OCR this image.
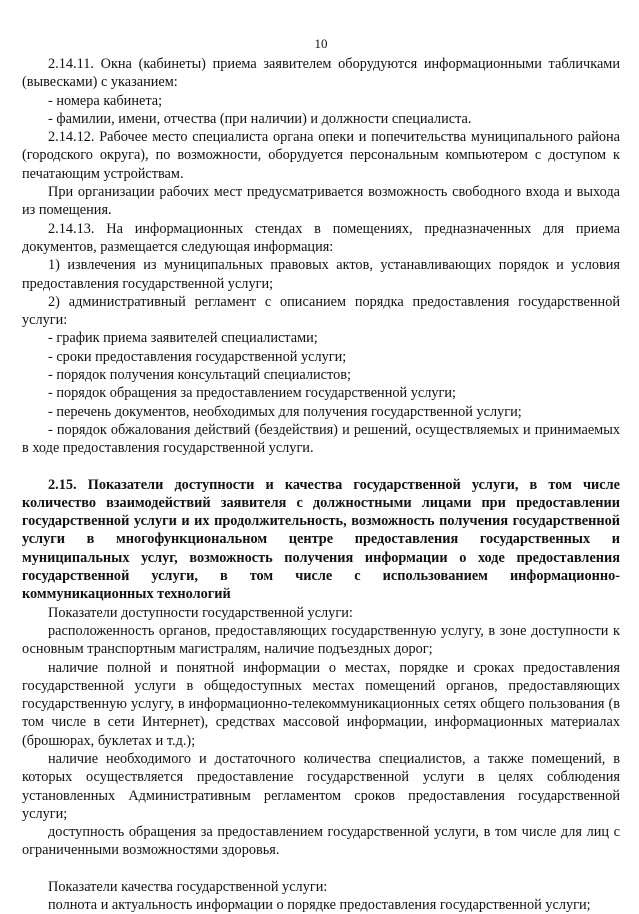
10

2.14.11. Окна (кабинеты) приема заявителем оборудуются информационными табличками (вывесками) с указанием:

- номера кабинета;

- фамилии, имени, отчества (при наличии) и должности специалиста.

2.14.12. Рабочее место специалиста органа опеки и попечительства муниципального района (городского округа), по возможности, оборудуется персональным компьютером с доступом к печатающим устройствам.

При организации рабочих мест предусматривается возможность свободного входа и выхода из помещения.

2.14.13. На информационных стендах в помещениях, предназначенных для приема документов, размещается следующая информация:

1) извлечения из муниципальных правовых актов, устанавливающих порядок и условия предоставления государственной услуги;

2) административный регламент с описанием порядка предоставления государственной услуги:

- график приема заявителей специалистами;

- сроки предоставления государственной услуги;

- порядок получения консультаций специалистов;

- порядок обращения за предоставлением государственной услуги;

- перечень документов, необходимых для получения государственной услуги;

- порядок обжалования действий (бездействия) и решений, осуществляемых и принимаемых в ходе предоставления государственной услуги.

2.15. Показатели доступности и качества государственной услуги, в том числе количество взаимодействий заявителя с должностными лицами при предоставлении государственной услуги и их продолжительность, возможность получения государственной услуги в многофункциональном центре предоставления государственных и муниципальных услуг, возможность получения информации о ходе предоставления государственной услуги, в том числе с использованием информационно-коммуникационных технологий

Показатели доступности государственной услуги:

расположенность органов, предоставляющих государственную услугу, в зоне доступности к основным транспортным магистралям, наличие подъездных дорог;

наличие полной и понятной информации о местах, порядке и сроках предоставления государственной услуги в общедоступных местах помещений органов, предоставляющих государственную услугу, в информационно-телекоммуникационных сетях общего пользования (в том числе в сети Интернет), средствах массовой информации, информационных материалах (брошюрах, буклетах и т.д.);

наличие необходимого и достаточного количества специалистов, а также помещений, в которых осуществляется предоставление государственной услуги в целях соблюдения установленных Административным регламентом сроков предоставления государственной услуги;

доступность обращения за предоставлением государственной услуги, в том числе для лиц с ограниченными возможностями здоровья.

Показатели качества государственной услуги:

полнота и актуальность информации о порядке предоставления государственной услуги;
